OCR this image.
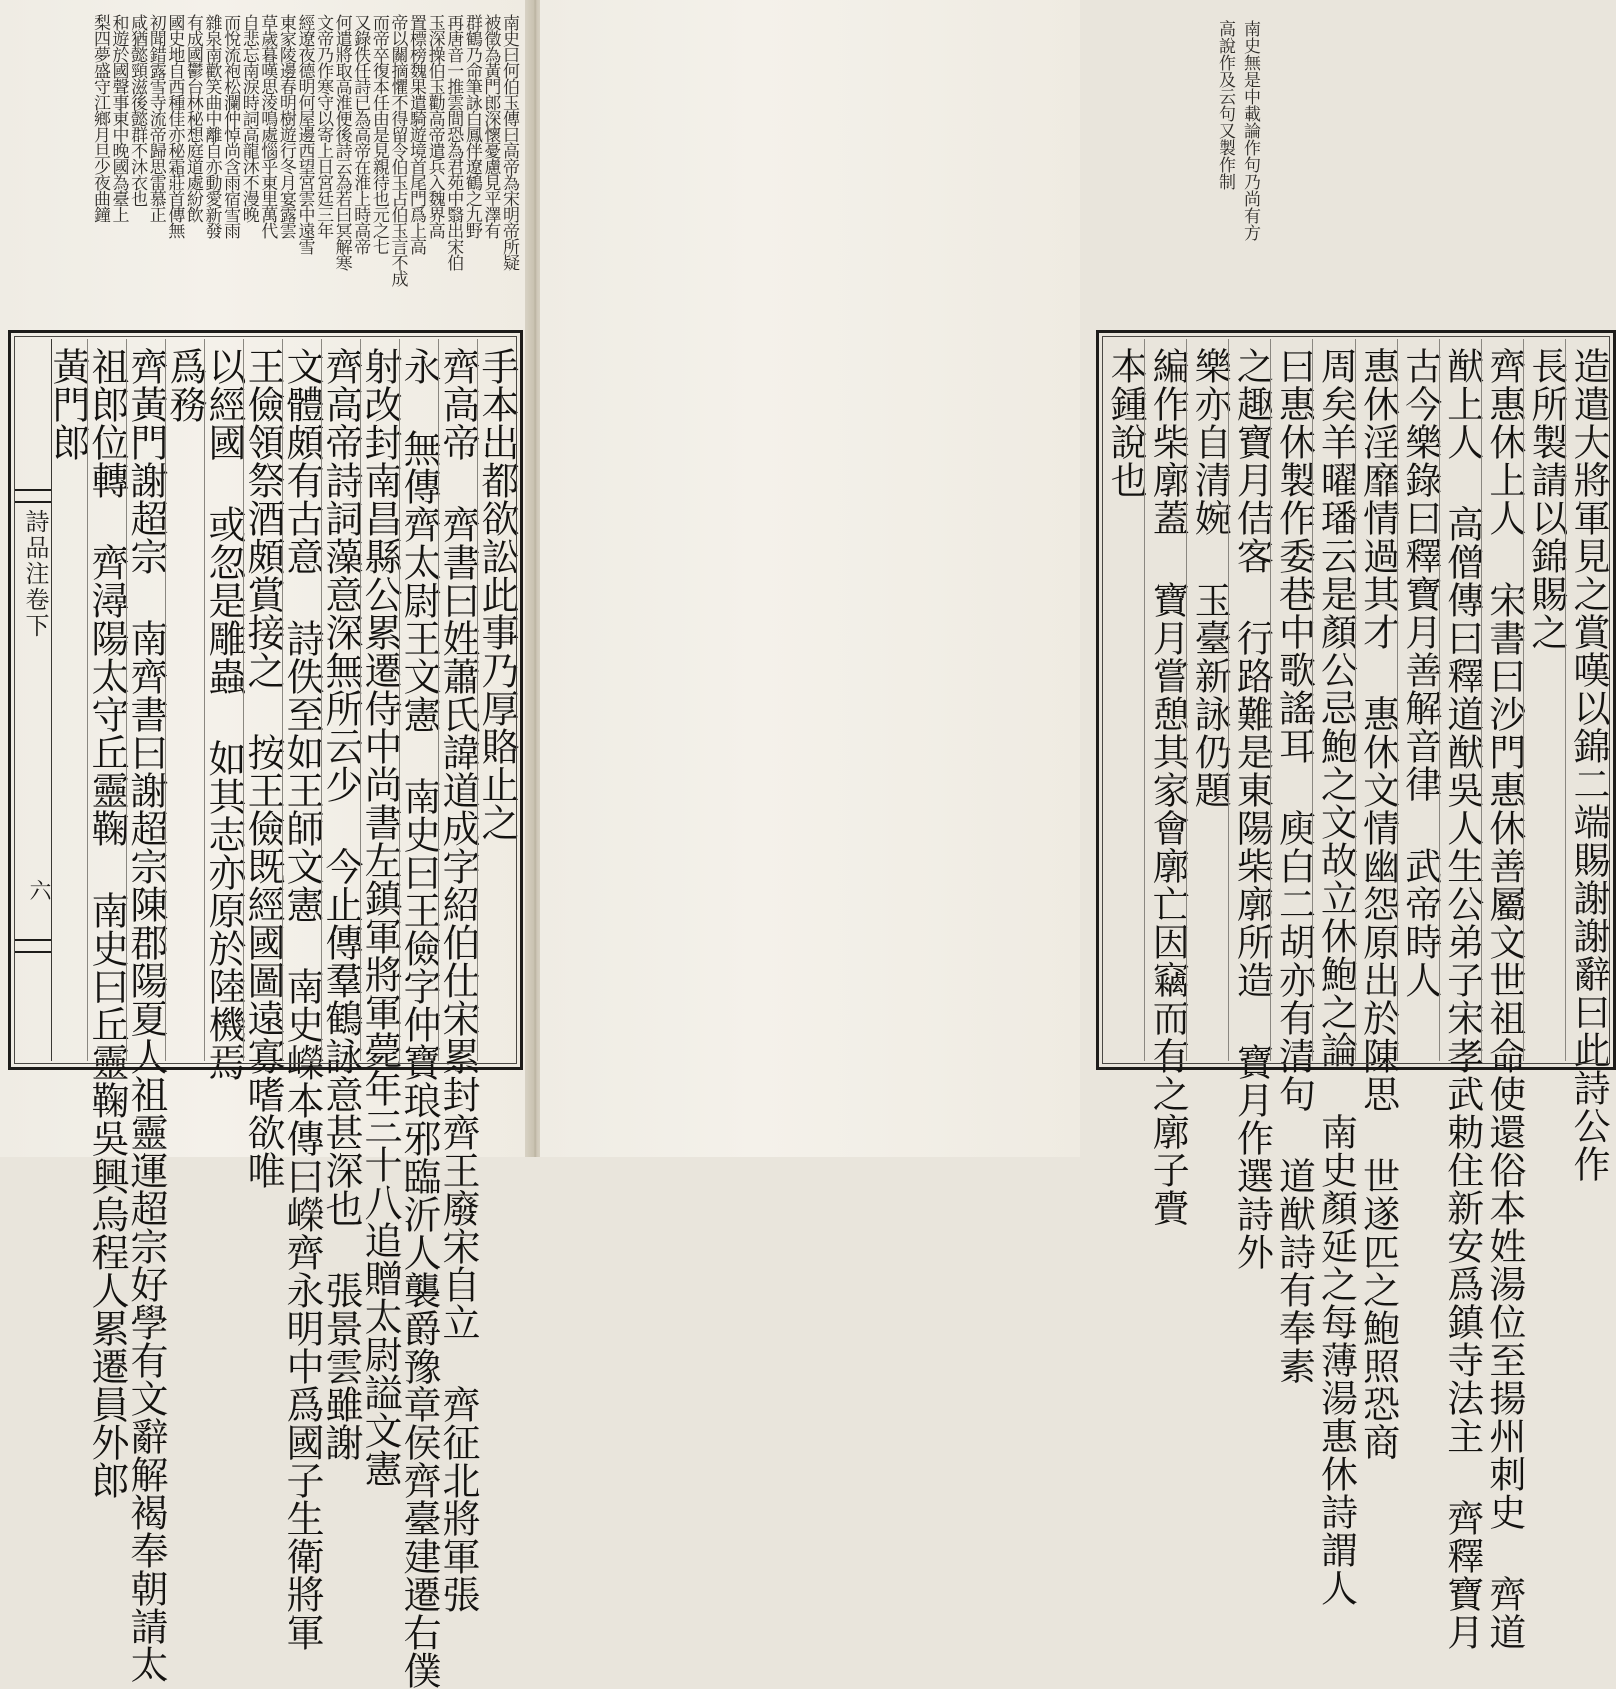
南史曰何伯玉傳曰高帝為宋明帝所疑
被徵為黃門郎深懷憂慮見平澤有
群鶴乃命筆詠白鳳伴遼鶴之九野
再唐音一推雲間恐為君苑中翳出宋伯
玉深操伯玉勸高帝遣兵入魏界高
置標榜魏果遣騎遊境首尾門爲上高
帝以關摘懼不得留令伯玉占伯玉言不成
而帝卒復本任由是見親待也元之七
又錄佚任詩已為高帝在淮上時高帝
何遣將取高淮便後詩云為若曰冥解寒
文帝乃作寒守以寄上日宮廷三年
經遼夜德明何屋邊西望宮雲中遠雪
東家陵邊春明樹遊行冬月宴露雲
草歲暮嘆思淩鳴處惱乎東里萬代
自悲忘南淚時詞高龍沐不漫晚
而悅流袍松瀾仲悼尚含雨宿雪雨
雜泉南歡笑曲中離自亦動愛新發
有成國鬱台林秘想庭道處紛飲
國史地自西種佳亦秘霜莊首傳無
初聞錯露雪寺流帝歸思雷慕正
咸猶懿頸滋後懿群不沐衣也
和遊於國聲事東中晚國為臺上
梨四夢盛守江鄉月旦少夜曲鐘
手本出都欲訟此事乃厚賂止之
齊高帝 齊書曰姓蕭氏諱道成字紹伯仕宋累封齊王廢宋自立 齊征北將軍張
永 無傳齊太尉王文憲 南史曰王儉字仲寶琅邪臨沂人襲爵豫章侯齊臺建遷右僕
射改封南昌縣公累遷侍中尚書左鎮軍將軍薨年三十八追贈太尉謚文憲
齊高帝詩詞藻意深無所云少 今止傳羣鶴詠意甚深也 張景雲雖謝
文體頗有古意 詩佚至如王師文憲 南史嶸本傳曰嶸齊永明中爲國子生衛將軍
王儉領祭酒頗賞接之 按王儉既經國圖遠寡嗜欲唯
以經國 或忽是雕蟲 如其志亦原於陸機焉
爲務
齊黃門謝超宗 南齊書曰謝超宗陳郡陽夏人祖靈運超宗好學有文辭解褐奉朝請太
祖郎位轉 齊潯陽太守丘靈鞠 南史曰丘靈鞠吳興烏程人累遷員外郎
黃門郎
詩品注卷下
六
南史無是中載論作句乃尚有方
高說作及云句又製作制
造遣大將軍見之賞嘆以錦二端賜謝謝辭曰此詩公作
長所製請以錦賜之
齊惠休上人 宋書曰沙門惠休善屬文世祖命使還俗本姓湯位至揚州刺史 齊道
猷上人 高僧傳曰釋道猷吳人生公弟子宋孝武勅住新安爲鎮寺法主 齊釋寶月
古今樂錄曰釋寶月善解音律 武帝時人
惠休淫靡情過其才 惠休文情幽怨原出於陳思 世遂匹之鮑照恐商
周矣羊曜璠云是顏公忌鮑之文故立休鮑之論 南史顏延之每薄湯惠休詩謂人
曰惠休製作委巷中歌謠耳 庾白二胡亦有清句 道猷詩有奉素
之趣寶月佶客 行路難是東陽柴廓所造 寶月作選詩外
樂亦自清婉 玉臺新詠仍題
編作柴廓蓋 寶月嘗憩其家會廓亡因竊而有之廓子賷
本鍾說也
